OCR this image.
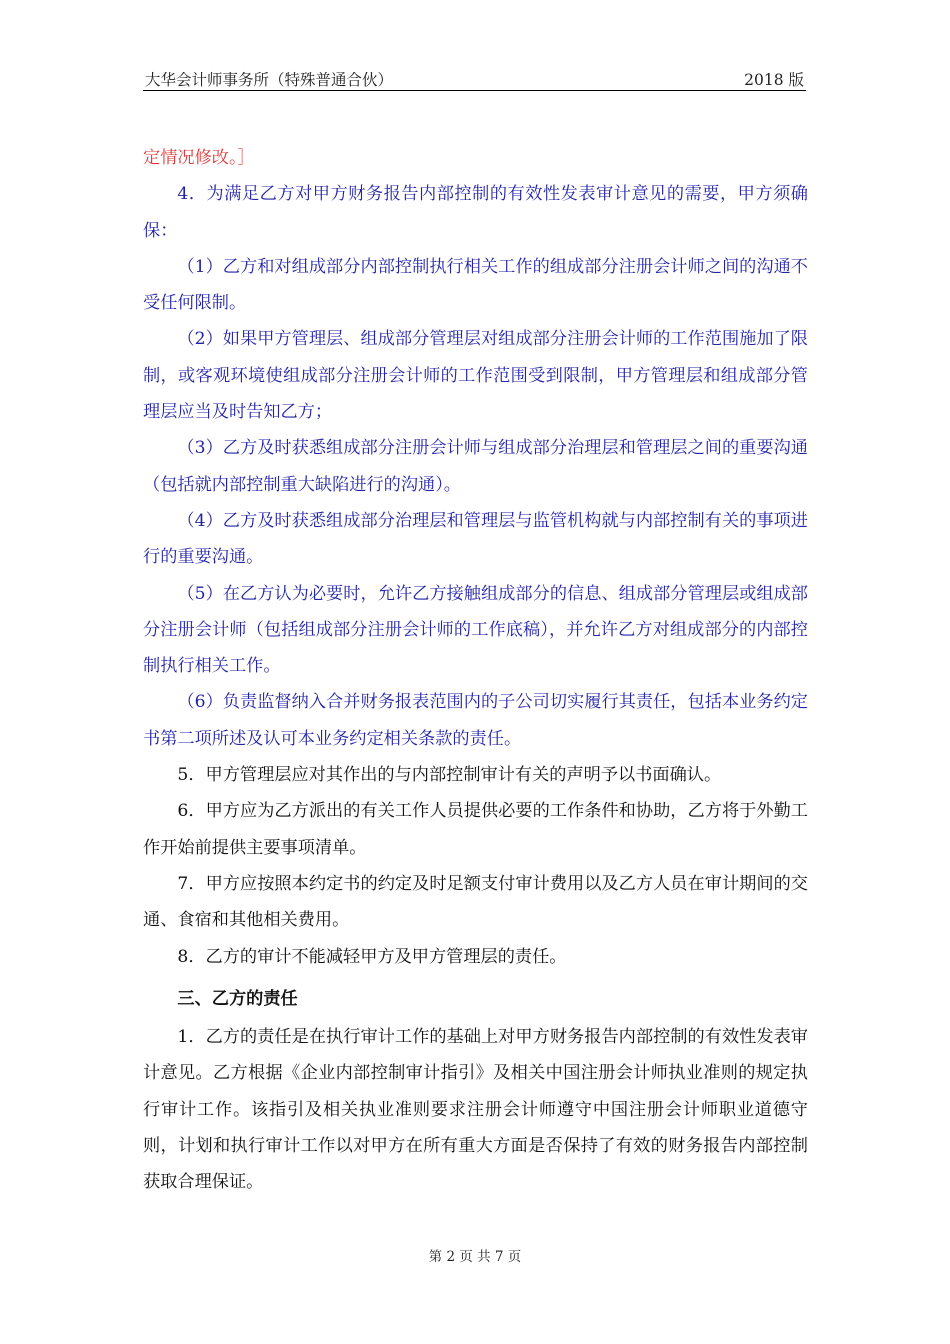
大华会计师事务所（特殊普通合伙）	2018 版

定情况修改。］

4．为满足乙方对甲方财务报告内部控制的有效性发表审计意见的需要，甲方须确保：

（1）乙方和对组成部分内部控制执行相关工作的组成部分注册会计师之间的沟通不受任何限制。

（2）如果甲方管理层、组成部分管理层对组成部分注册会计师的工作范围施加了限制，或客观环境使组成部分注册会计师的工作范围受到限制，甲方管理层和组成部分管理层应当及时告知乙方；

（3）乙方及时获悉组成部分注册会计师与组成部分治理层和管理层之间的重要沟通（包括就内部控制重大缺陷进行的沟通）。

（4）乙方及时获悉组成部分治理层和管理层与监管机构就与内部控制有关的事项进行的重要沟通。

（5）在乙方认为必要时，允许乙方接触组成部分的信息、组成部分管理层或组成部分注册会计师（包括组成部分注册会计师的工作底稿），并允许乙方对组成部分的内部控制执行相关工作。

（6）负责监督纳入合并财务报表范围内的子公司切实履行其责任，包括本业务约定书第二项所述及认可本业务约定相关条款的责任。

5．甲方管理层应对其作出的与内部控制审计有关的声明予以书面确认。

6．甲方应为乙方派出的有关工作人员提供必要的工作条件和协助，乙方将于外勤工作开始前提供主要事项清单。

7．甲方应按照本约定书的约定及时足额支付审计费用以及乙方人员在审计期间的交通、食宿和其他相关费用。

8．乙方的审计不能减轻甲方及甲方管理层的责任。

三、乙方的责任

1．乙方的责任是在执行审计工作的基础上对甲方财务报告内部控制的有效性发表审计意见。乙方根据《企业内部控制审计指引》及相关中国注册会计师执业准则的规定执行审计工作。该指引及相关执业准则要求注册会计师遵守中国注册会计师职业道德守则，计划和执行审计工作以对甲方在所有重大方面是否保持了有效的财务报告内部控制获取合理保证。

第 2 页 共 7 页
